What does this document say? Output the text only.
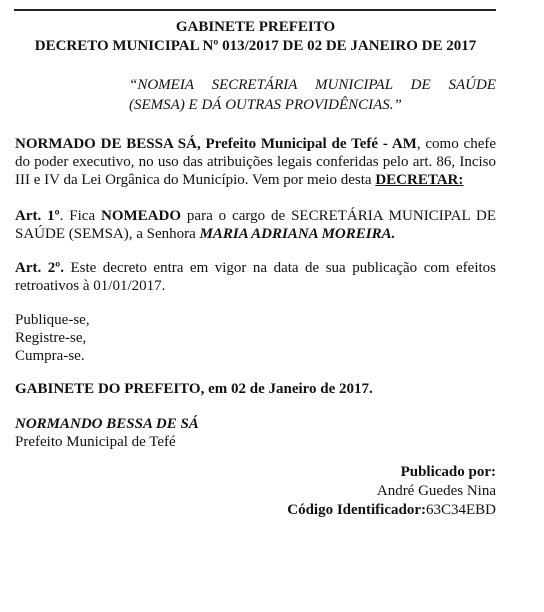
GABINETE PREFEITO
DECRETO MUNICIPAL Nº 013/2017 DE 02 DE JANEIRO DE 2017
“NOMEIA SECRETÁRIA MUNICIPAL DE SAÚDE (SEMSA) E DÁ OUTRAS PROVIDÊNCIAS.”
NORMADO DE BESSA SÁ, Prefeito Municipal de Tefé - AM, como chefe do poder executivo, no uso das atribuições legais conferidas pelo art. 86, Inciso III e IV da Lei Orgânica do Município. Vem por meio desta DECRETAR:
Art. 1º. Fica NOMEADO para o cargo de SECRETÁRIA MUNICIPAL DE SAÚDE (SEMSA), a Senhora MARIA ADRIANA MOREIRA.
Art. 2º. Este decreto entra em vigor na data de sua publicação com efeitos retroativos à 01/01/2017.
Publique-se,
Registre-se,
Cumpra-se.
GABINETE DO PREFEITO, em 02 de Janeiro de 2017.
NORMANDO BESSA DE SÁ
Prefeito Municipal de Tefé
Publicado por:
André Guedes Nina
Código Identificador:63C34EBD
